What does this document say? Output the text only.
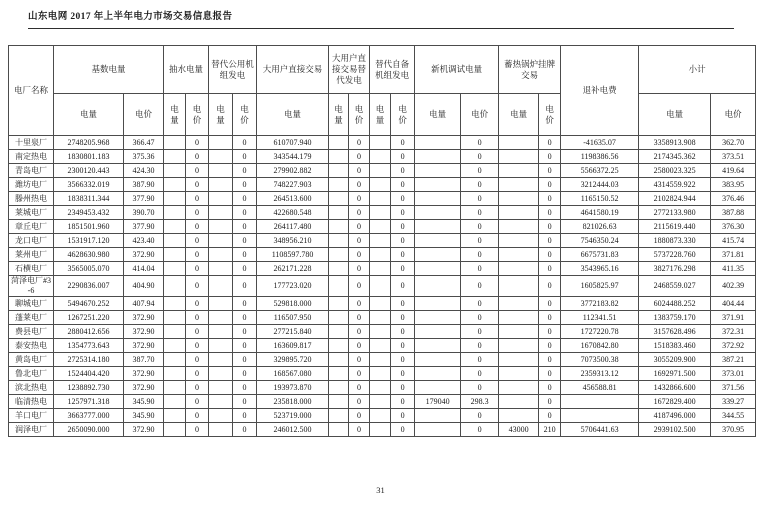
山东电网 2017 年上半年电力市场交易信息报告
电厂名称	基数电量		抽水电量		替代公用机组发电		大用户直接交易	大用户直接交易替代发电		替代自备机组发电		新机调试电量		蓄热锅炉挂牌交易		退补电费	小计	
	电量	电价	电量	电价	电量	电价	电量	电量	电价	电量	电价	电量	电价	电量	电价		电量	电价
十里泉厂	2748205.968	366.47		0		0	610707.940		0		0		0		0	-41635.07	3358913.908	362.70
南定热电	1830801.183	375.36		0		0	343544.179		0		0		0		0	1198386.56	2174345.362	373.51
青岛电厂	2300120.443	424.30		0		0	279902.882		0		0		0		0	5566372.25	2580023.325	419.64
潍坊电厂	3566332.019	387.90		0		0	748227.903		0		0		0		0	3212444.03	4314559.922	383.95
滕州热电	1838311.344	377.90		0		0	264513.600		0		0		0		0	1165150.52	2102824.944	376.46
莱城电厂	2349453.432	390.70		0		0	422680.548		0		0		0		0	4641580.19	2772133.980	387.88
章丘电厂	1851501.960	377.90		0		0	264117.480		0		0		0		0	821026.63	2115619.440	376.30
龙口电厂	1531917.120	423.40		0		0	348956.210		0		0		0		0	7546350.24	1880873.330	415.74
莱州电厂	4628630.980	372.90		0		0	1108597.780		0		0		0		0	6675731.83	5737228.760	371.81
石横电厂	3565005.070	414.04		0		0	262171.228		0		0		0		0	3543965.16	3827176.298	411.35
菏泽电厂#3-6	2290836.007	404.90		0		0	177723.020		0		0		0		0	1605825.97	2468559.027	402.39
聊城电厂	5494670.252	407.94		0		0	529818.000		0		0		0		0	3772183.82	6024488.252	404.44
蓬莱电厂	1267251.220	372.90		0		0	116507.950		0		0		0		0	112341.51	1383759.170	371.91
费县电厂	2880412.656	372.90		0		0	277215.840		0		0		0		0	1727220.78	3157628.496	372.31
泰安热电	1354773.643	372.90		0		0	163609.817		0		0		0		0	1670842.80	1518383.460	372.92
黄岛电厂	2725314.180	387.70		0		0	329895.720		0		0		0		0	7073500.38	3055209.900	387.21
鲁北电厂	1524404.420	372.90		0		0	168567.080		0		0		0		0	2359313.12	1692971.500	373.01
滨北热电	1238892.730	372.90		0		0	193973.870		0		0		0		0	456588.81	1432866.600	371.56
临清热电	1257971.318	345.90		0		0	235818.000		0		0	179040	298.3		0		1672829.400	339.27
羊口电厂	3663777.000	345.90		0		0	523719.000		0		0		0		0		4187496.000	344.55
润泽电厂	2650090.000	372.90		0		0	246012.500		0		0		0	43000	210	5706441.63	2939102.500	370.95
31
